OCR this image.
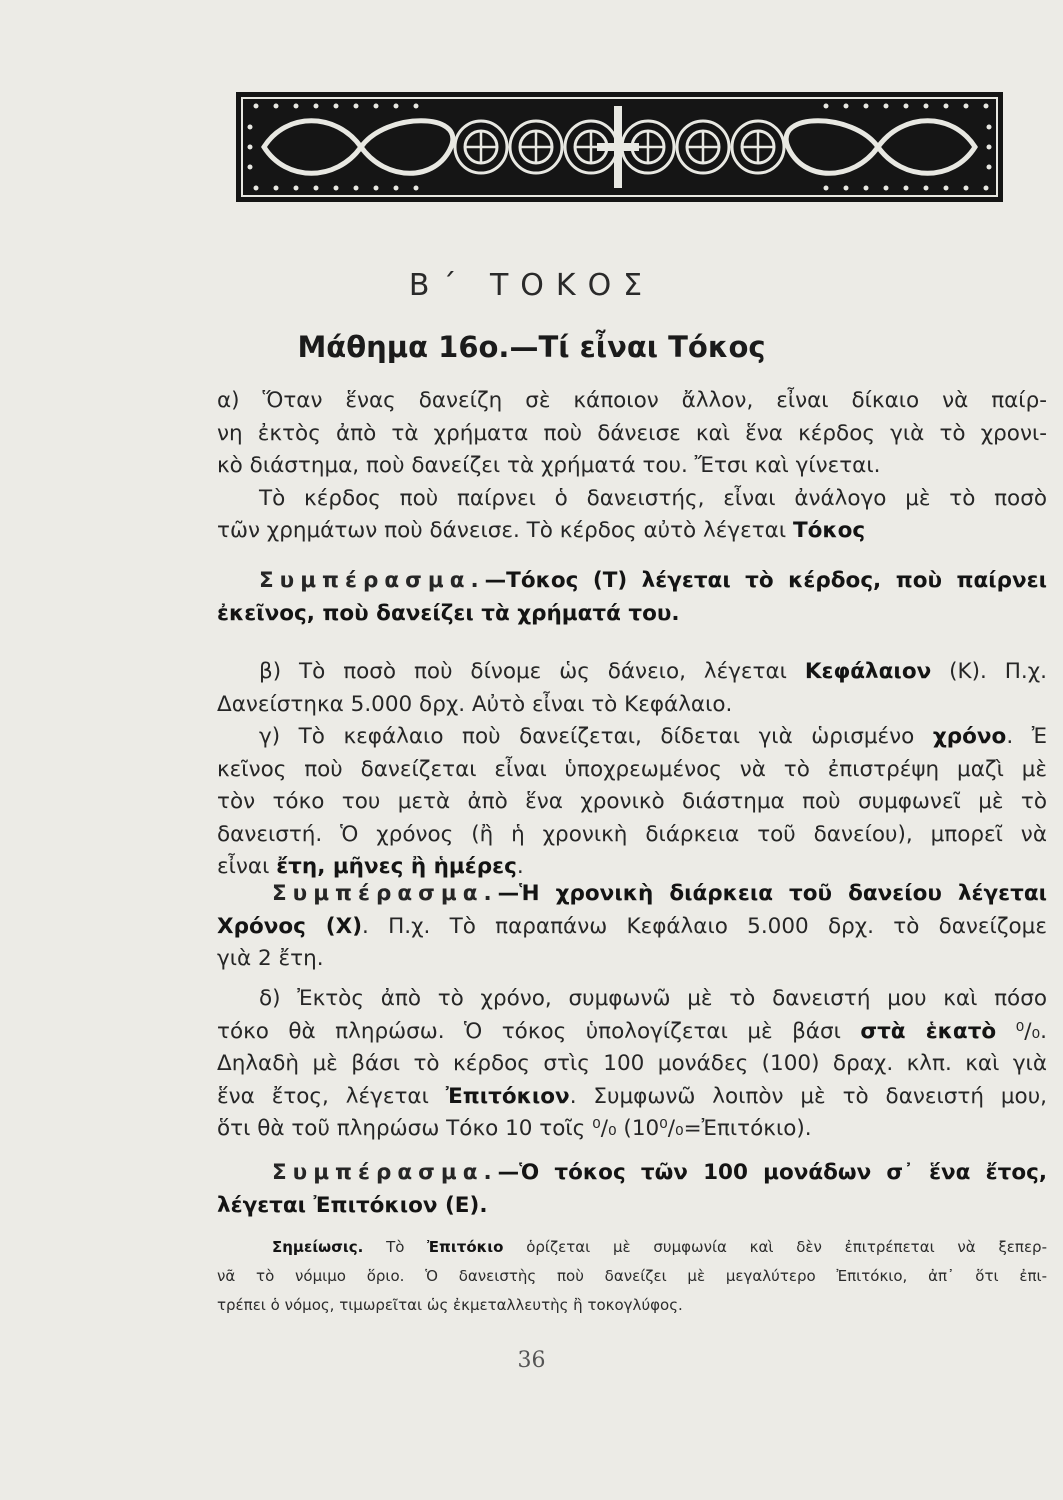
Β΄ ΤΟΚΟΣ
Μάθημα 16ο.—Τί εἶναι Τόκος
α) Ὅταν ἕνας δανείζη σὲ κάποιον ἄλλον, εἶναι δίκαιο νὰ παίρ-
νη ἐκτὸς ἀπὸ τὰ χρήματα ποὺ δάνεισε καὶ ἕνα κέρδος γιὰ τὸ χρονι-
κὸ διάστημα, ποὺ δανείζει τὰ χρήματά του. Ἔτσι καὶ γίνεται.
Τὸ κέρδος ποὺ παίρνει ὁ δανειστής, εἶναι ἀνάλογο μὲ τὸ ποσὸ
τῶν χρημάτων ποὺ δάνεισε. Τὸ κέρδος αὐτὸ λέγεται Τόκος
Συμπέρασμα.—Τόκος (Τ) λέγεται τὸ κέρδος, ποὺ παίρνει
ἐκεῖνος, ποὺ δανείζει τὰ χρήματά του.
β) Τὸ ποσὸ ποὺ δίνομε ὡς δάνειο, λέγεται Κεφάλαιον (Κ). Π.χ.
Δανείστηκα 5.000 δρχ. Αὐτὸ εἶναι τὸ Κεφάλαιο.
γ) Τὸ κεφάλαιο ποὺ δανείζεται, δίδεται γιὰ ὡρισμένο χρόνο. Ἐ
κεῖνος ποὺ δανείζεται εἶναι ὑποχρεωμένος νὰ τὸ ἐπιστρέψη μαζὶ μὲ
τὸν τόκο του μετὰ ἀπὸ ἕνα χρονικὸ διάστημα ποὺ συμφωνεῖ μὲ τὸ
δανειστή. Ὁ χρόνος (ἢ ἡ χρονικὴ διάρκεια τοῦ δανείου), μπορεῖ νὰ
εἶναι ἔτη, μῆνες ἢ ἡμέρες.
Συμπέρασμα.—Ἡ χρονικὴ διάρκεια τοῦ δανείου λέγεται
Χρόνος (Χ). Π.χ. Τὸ παραπάνω Κεφάλαιο 5.000 δρχ. τὸ δανείζομε
γιὰ 2 ἔτη.
δ) Ἐκτὸς ἀπὸ τὸ χρόνο, συμφωνῶ μὲ τὸ δανειστή μου καὶ πόσο
τόκο θὰ πληρώσω. Ὁ τόκος ὑπολογίζεται μὲ βάσι στὰ ἑκατὸ ⁰/₀.
Δηλαδὴ μὲ βάσι τὸ κέρδος στὶς 100 μονάδες (100) δραχ. κλπ. καὶ γιὰ
ἕνα ἔτος, λέγεται Ἐπιτόκιον. Συμφωνῶ λοιπὸν μὲ τὸ δανειστή μου,
ὅτι θὰ τοῦ πληρώσω Τόκο 10 τοῖς ⁰/₀ (10⁰/₀=Ἐπιτόκιο).
Συμπέρασμα.—Ὁ τόκος τῶν 100 μονάδων σ᾽ ἕνα ἔτος,
λέγεται Ἐπιτόκιον (Ε).
Σημείωσις. Τὸ Ἐπιτόκιο ὁρίζεται μὲ συμφωνία καὶ δὲν ἐπιτρέπεται νὰ ξεπερ-
νᾶ τὸ νόμιμο ὅριο. Ὁ δανειστὴς ποὺ δανείζει μὲ μεγαλύτερο Ἐπιτόκιο, ἀπ᾽ ὅτι ἐπι-
τρέπει ὁ νόμος, τιμωρεῖται ὡς ἐκμεταλλευτὴς ἢ τοκογλύφος.
36
